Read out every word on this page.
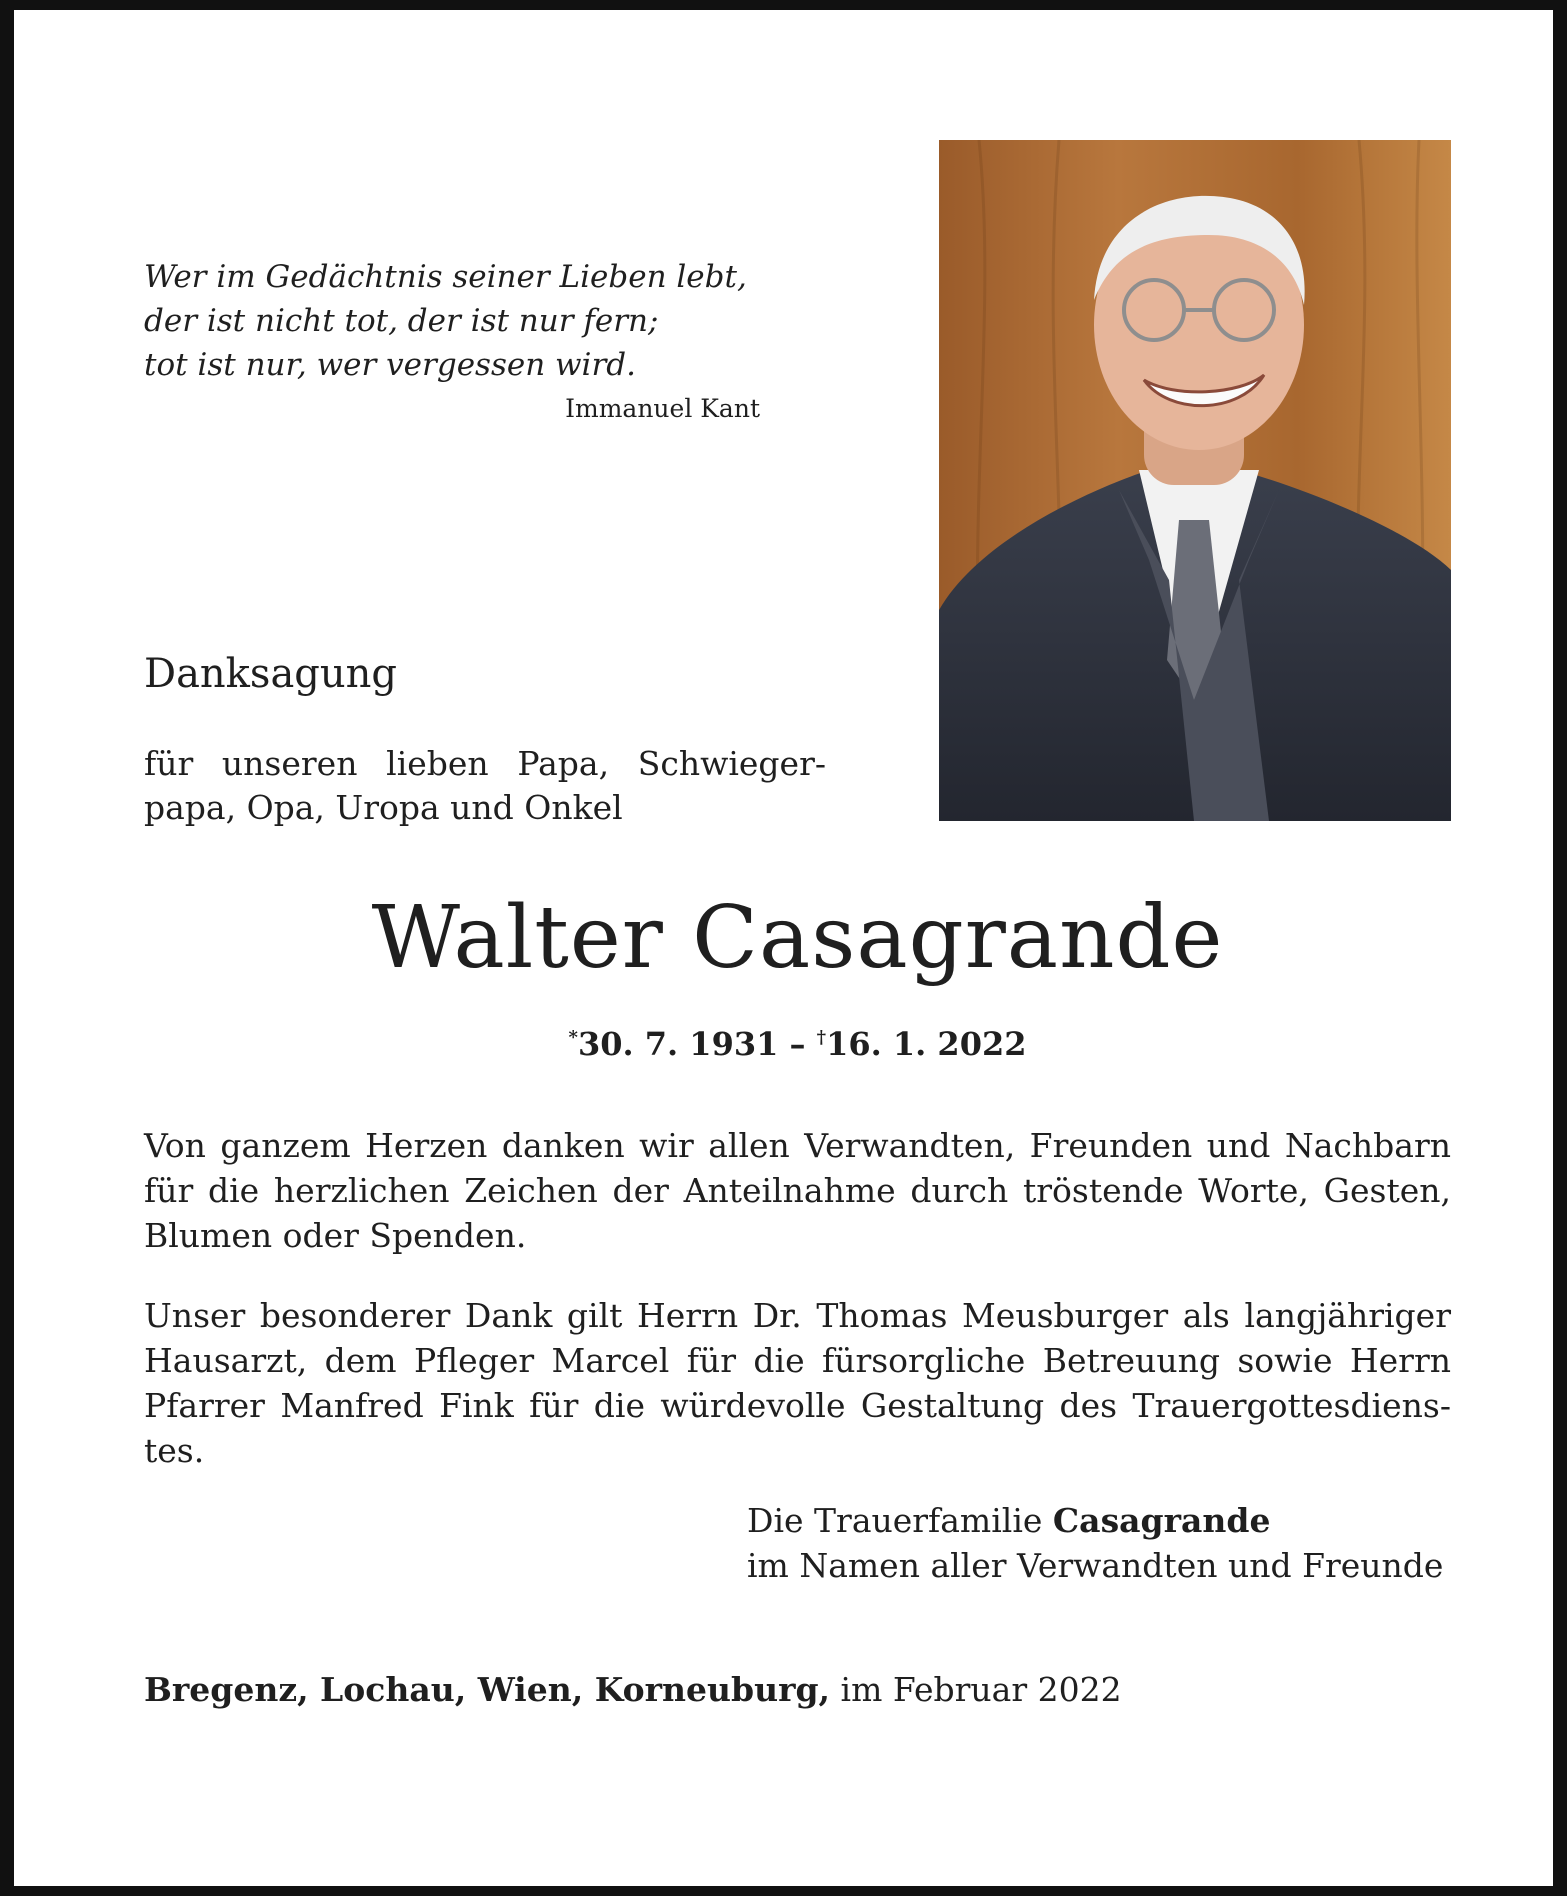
Wer im Gedächtnis seiner Lieben lebt,
der ist nicht tot, der ist nur fern;
tot ist nur, wer vergessen wird.
Immanuel Kant
Danksagung
für unseren lieben Papa, Schwieger-
papa, Opa, Uropa und Onkel
Walter Casagrande
*30. 7. 1931 – †16. 1. 2022
Von ganzem Herzen danken wir allen Verwandten, Freunden und Nachbarn
für die herzlichen Zeichen der Anteilnahme durch tröstende Worte, Gesten,
Blumen oder Spenden.
Unser besonderer Dank gilt Herrn Dr. Thomas Meusburger als langjähriger
Hausarzt, dem Pfleger Marcel für die fürsorgliche Betreuung sowie Herrn
Pfarrer Manfred Fink für die würdevolle Gestaltung des Trauergottesdiens-
tes.
Die Trauerfamilie Casagrande
im Namen aller Verwandten und Freunde
Bregenz, Lochau, Wien, Korneuburg, im Februar 2022
